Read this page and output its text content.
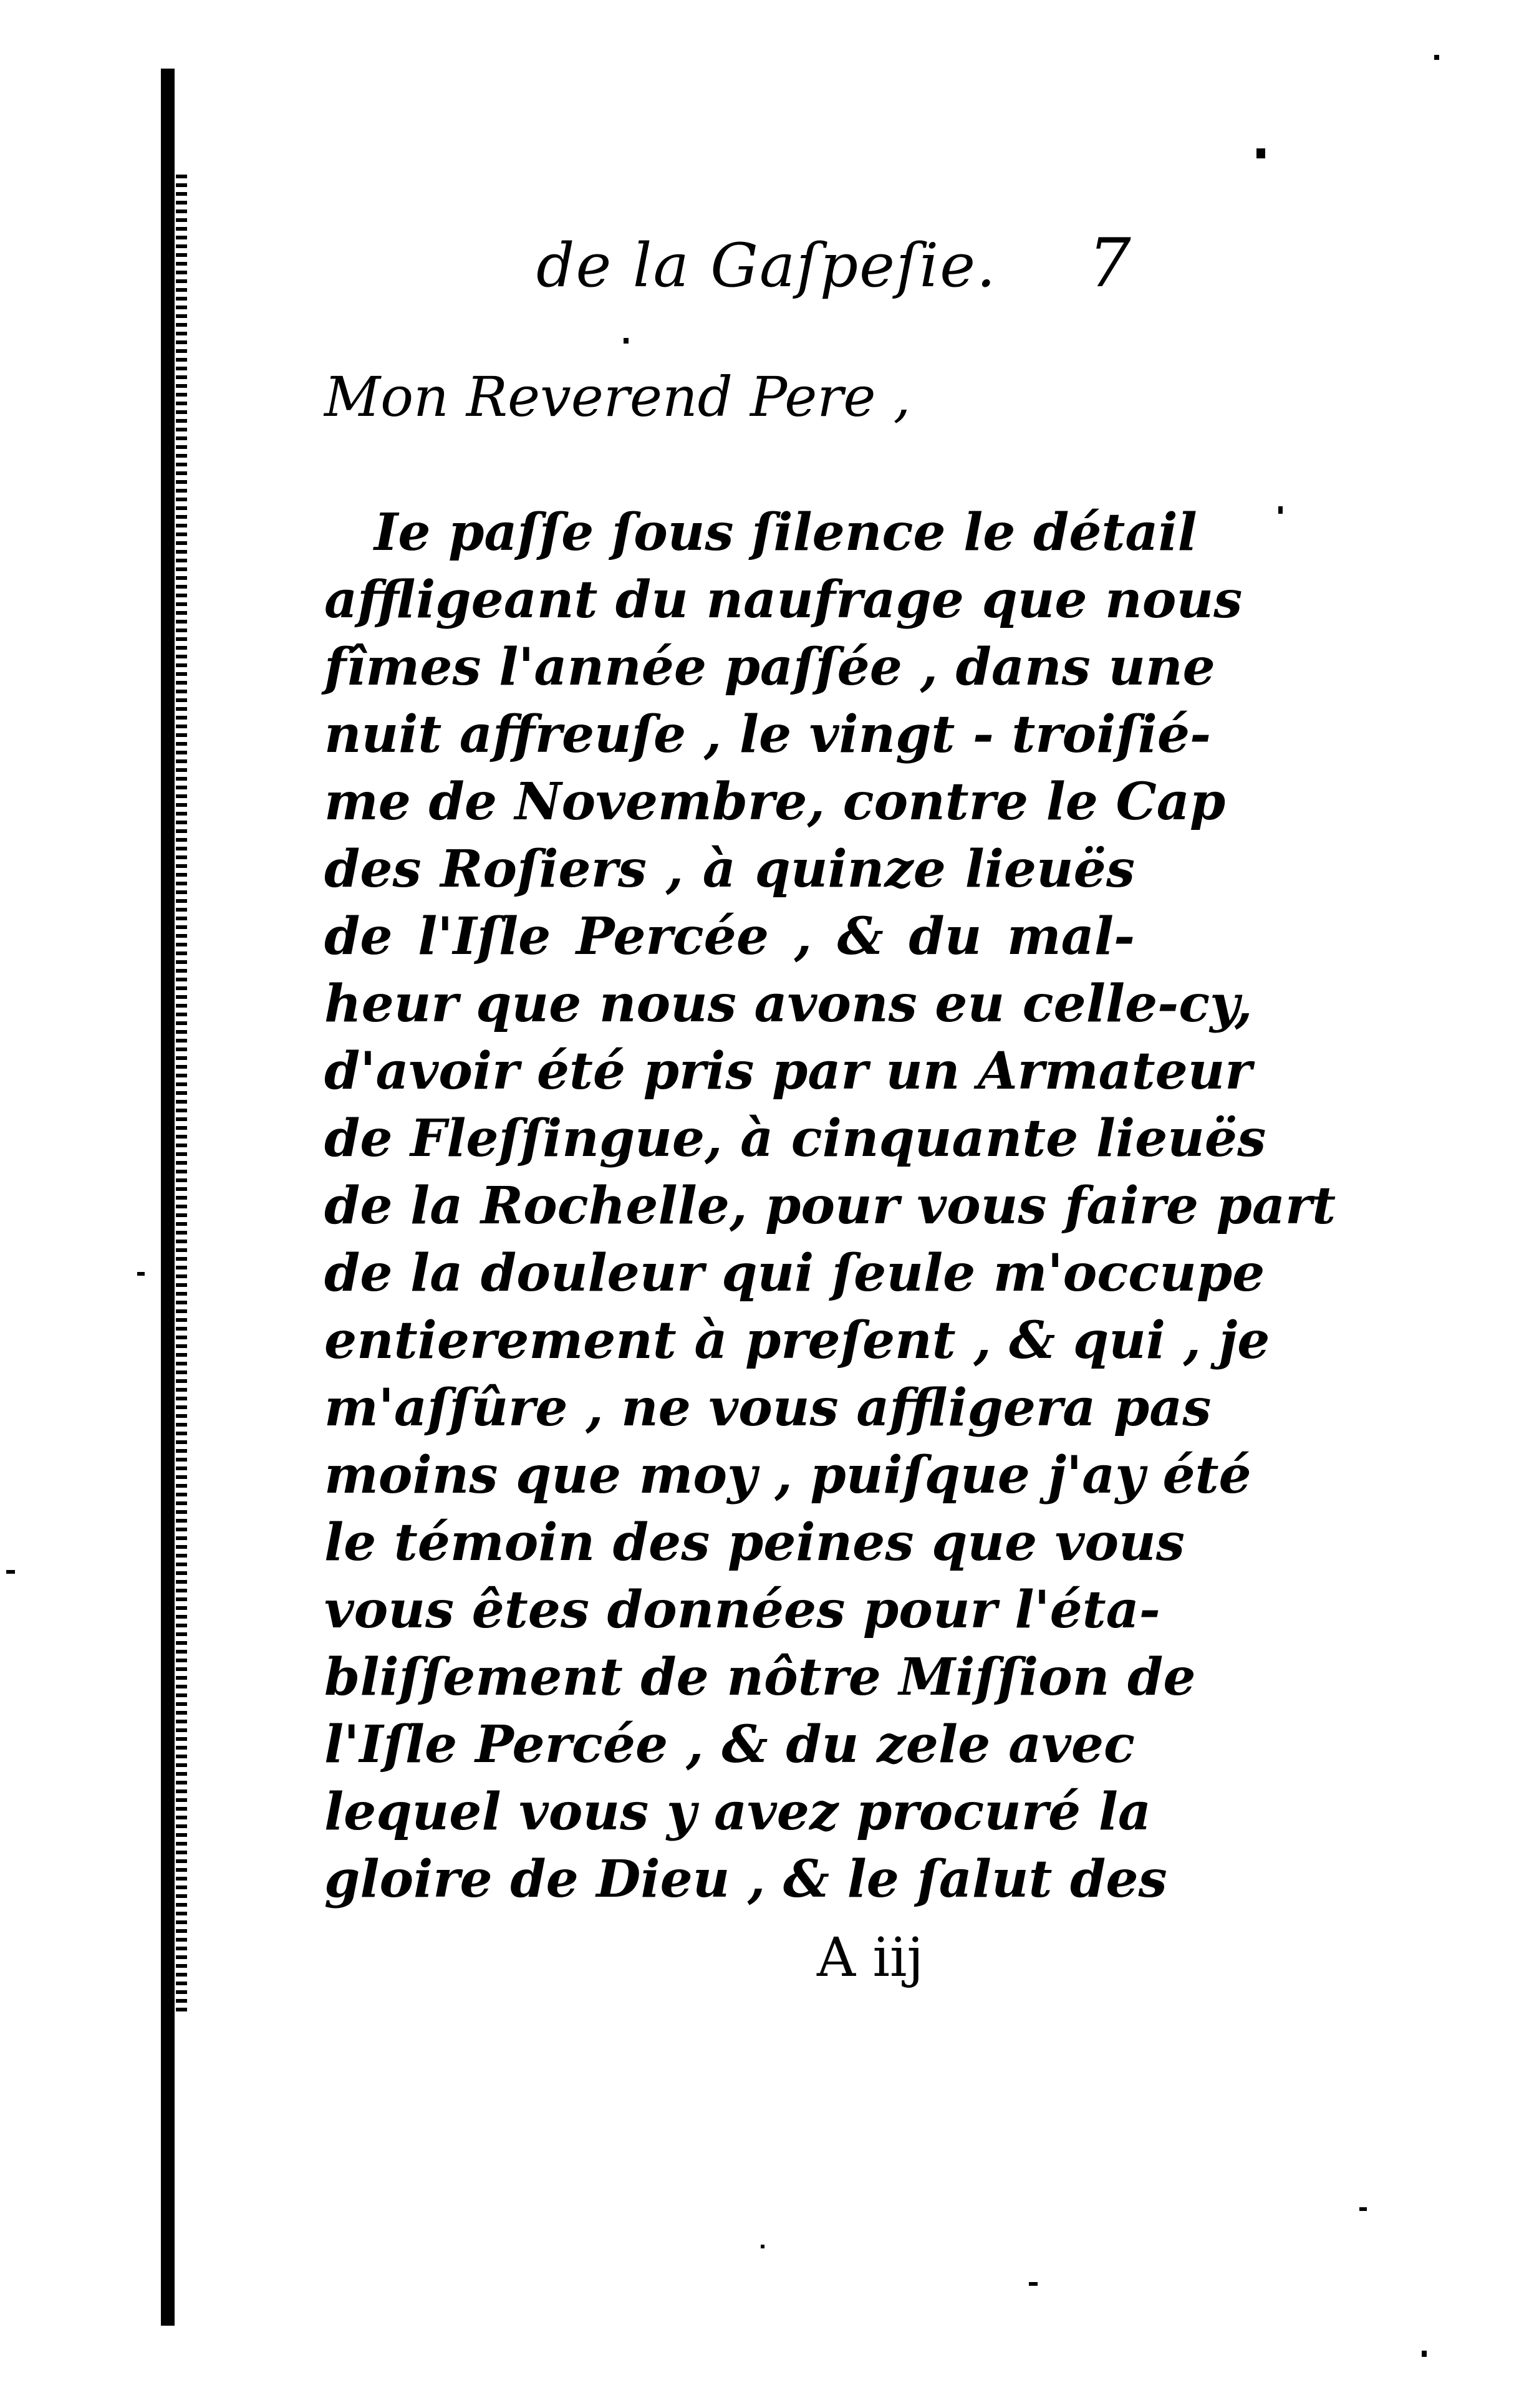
de la Gaſpeſie. 7
Mon Reverend Pere ,
Ie paſſe ſous ſilence le détail
affligeant du naufrage que nous
fîmes l'année paſſée , dans une
nuit affreuſe , le vingt - troiſié-
me de Novembre, contre le Cap
des Roſiers , à quinze lieuës
de l'Iſle Percée , & du mal-
heur que nous avons eu celle-cy,
d'avoir été pris par un Armateur
de Fleſſingue, à cinquante lieuës
de la Rochelle, pour vous faire part
de la douleur qui ſeule m'occupe
entierement à preſent , & qui , je
m'aſſûre , ne vous affligera pas
moins que moy , puiſque j'ay été
le témoin des peines que vous
vous êtes données pour l'éta-
bliſſement de nôtre Miſſion de
l'Iſle Percée , & du zele avec
lequel vous y avez procuré la
gloire de Dieu , & le ſalut des
A iij
